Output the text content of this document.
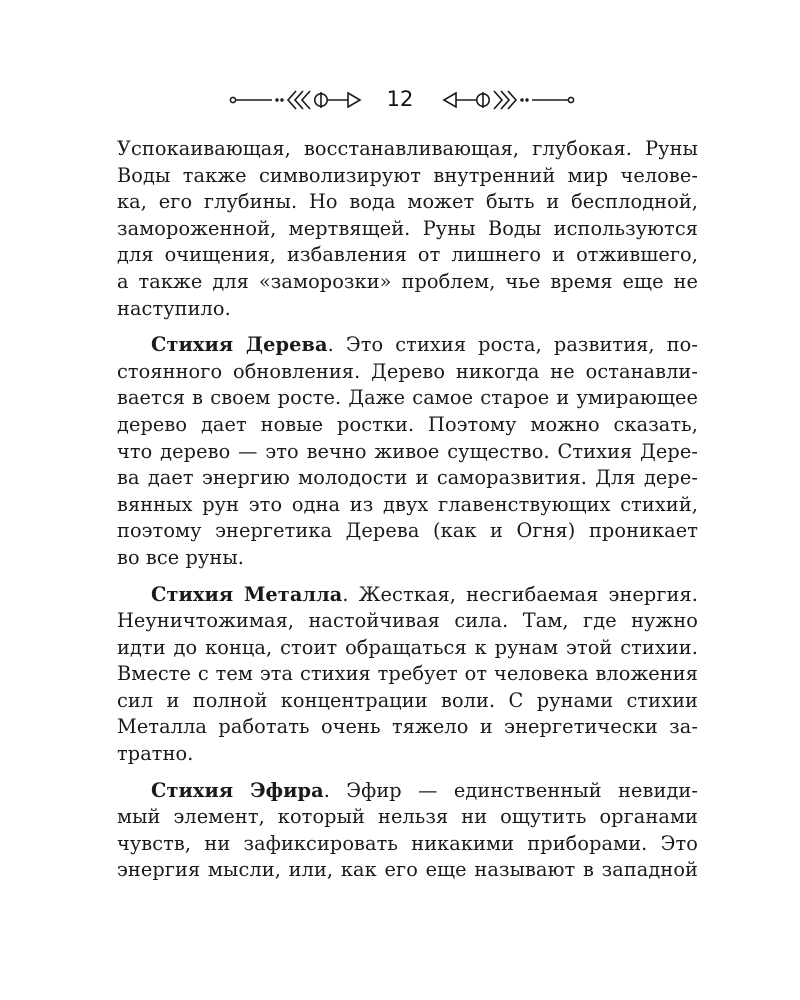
12
Успокаивающая, восстанавливающая, глубокая. Руны
Воды также символизируют внутренний мир челове-
ка, его глубины. Но вода может быть и бесплодной,
замороженной, мертвящей. Руны Воды используются
для очищения, избавления от лишнего и отжившего,
а также для «заморозки» проблем, чье время еще не
наступило.
Стихия Дерева. Это стихия роста, развития, по-
стоянного обновления. Дерево никогда не останавли-
вается в своем росте. Даже самое старое и умирающее
дерево дает новые ростки. Поэтому можно сказать,
что дерево — это вечно живое существо. Стихия Дере-
ва дает энергию молодости и саморазвития. Для дере-
вянных рун это одна из двух главенствующих стихий,
поэтому энергетика Дерева (как и Огня) проникает
во все руны.
Стихия Металла. Жесткая, несгибаемая энергия.
Неуничтожимая, настойчивая сила. Там, где нужно
идти до конца, стоит обращаться к рунам этой стихии.
Вместе с тем эта стихия требует от человека вложения
сил и полной концентрации воли. С рунами стихии
Металла работать очень тяжело и энергетически за-
тратно.
Стихия Эфира. Эфир — единственный невиди-
мый элемент, который нельзя ни ощутить органами
чувств, ни зафиксировать никакими приборами. Это
энергия мысли, или, как его еще называют в западной
